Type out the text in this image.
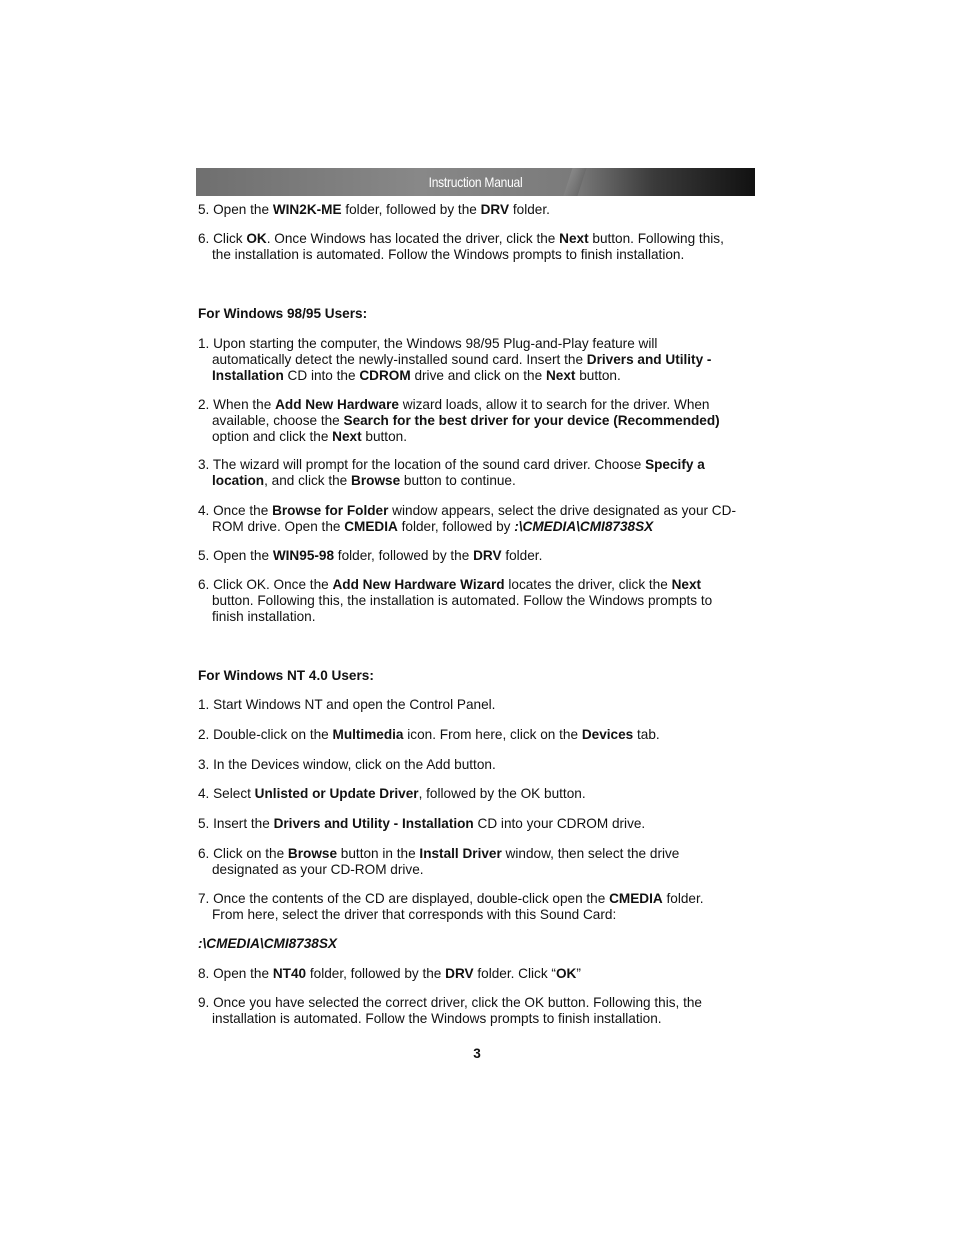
Instruction Manual
5. Open the WIN2K-ME folder, followed by the DRV folder.
6. Click OK. Once Windows has located the driver, click the Next button. Following this,
the installation is automated. Follow the Windows prompts to finish installation.
For Windows 98/95 Users:
1. Upon starting the computer, the Windows 98/95 Plug-and-Play feature will
automatically detect the newly-installed sound card. Insert the Drivers and Utility -
Installation CD into the CDROM drive and click on the Next button.
2. When the Add New Hardware wizard loads, allow it to search for the driver. When
available, choose the Search for the best driver for your device (Recommended)
option and click the Next button.
3. The wizard will prompt for the location of the sound card driver. Choose Specify a
location, and click the Browse button to continue.
4. Once the Browse for Folder window appears, select the drive designated as your CD-
ROM drive. Open the CMEDIA folder, followed by :\CMEDIA\CMI8738SX
5. Open the WIN95-98 folder, followed by the DRV folder.
6. Click OK. Once the Add New Hardware Wizard locates the driver, click the Next
button. Following this, the installation is automated. Follow the Windows prompts to
finish installation.
For Windows NT 4.0 Users:
1. Start Windows NT and open the Control Panel.
2. Double-click on the Multimedia icon. From here, click on the Devices tab.
3. In the Devices window, click on the Add button.
4. Select Unlisted or Update Driver, followed by the OK button.
5. Insert the Drivers and Utility - Installation CD into your CDROM drive.
6. Click on the Browse button in the Install Driver window, then select the drive
designated as your CD-ROM drive.
7. Once the contents of the CD are displayed, double-click open the CMEDIA folder.
From here, select the driver that corresponds with this Sound Card:
:\CMEDIA\CMI8738SX
8. Open the NT40 folder, followed by the DRV folder. Click “OK”
9. Once you have selected the correct driver, click the OK button. Following this, the
installation is automated. Follow the Windows prompts to finish installation.
3
